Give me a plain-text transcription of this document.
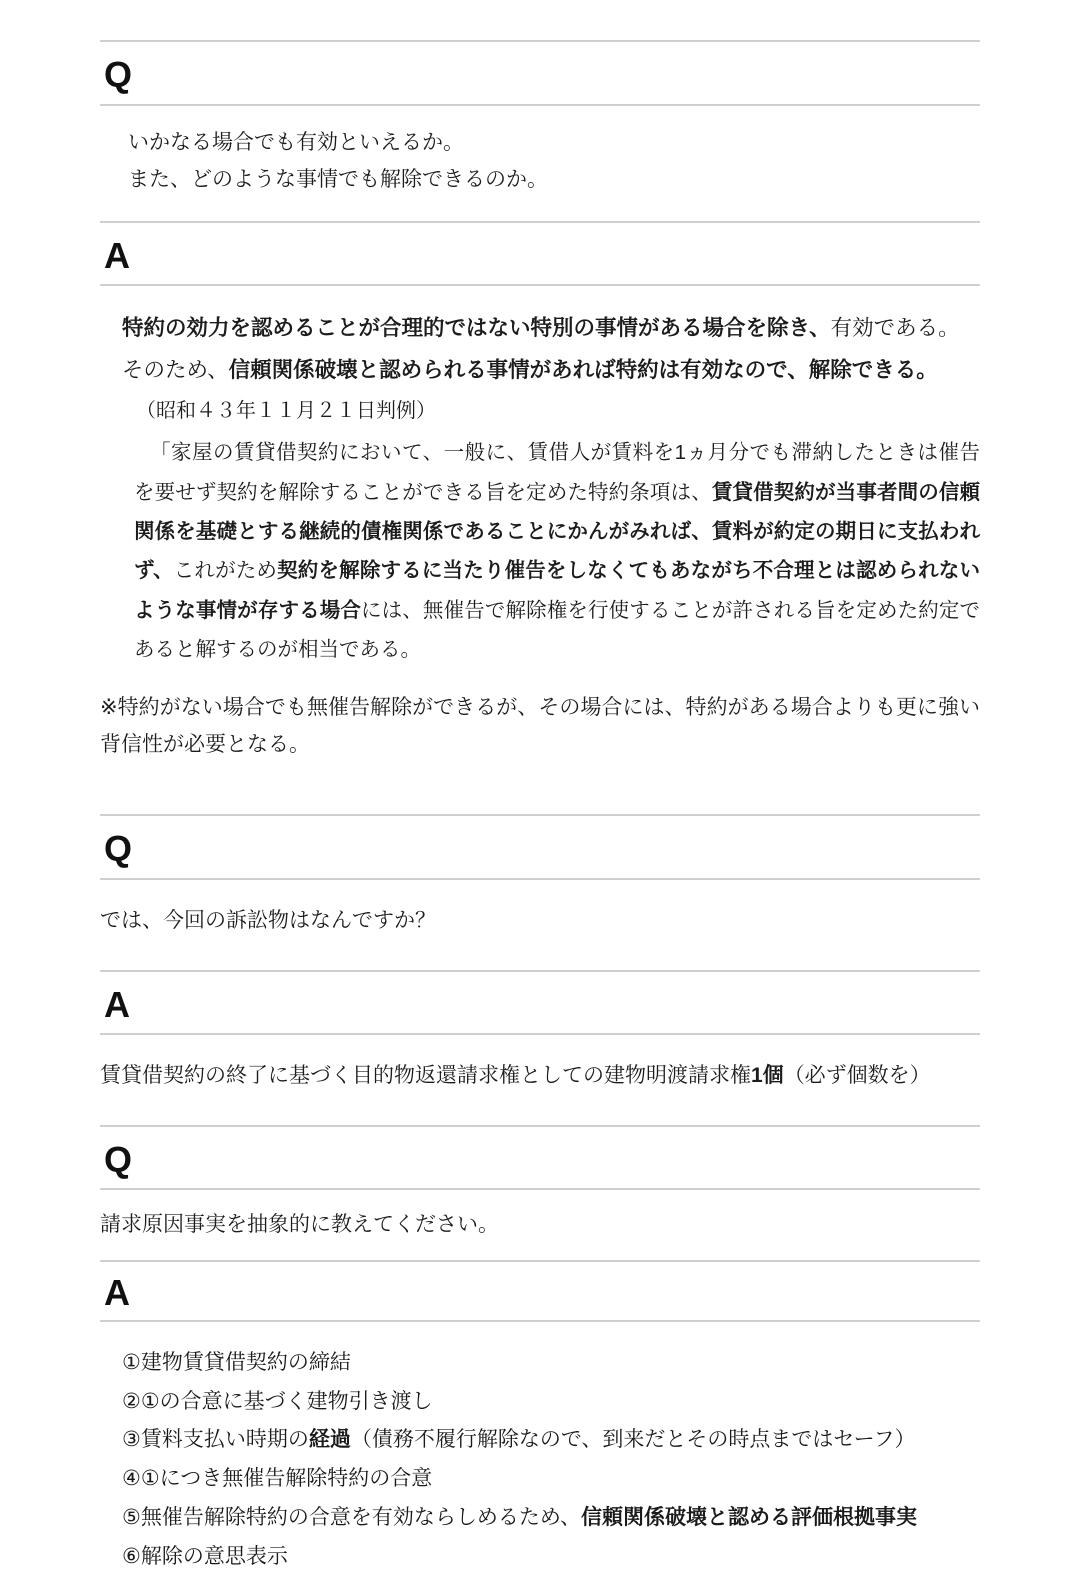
Q
いかなる場合でも有効といえるか。
また、どのような事情でも解除できるのか。
A
特約の効力を認めることが合理的ではない特別の事情がある場合を除き、有効である。
そのため、信頼関係破壊と認められる事情があれば特約は有効なので、解除できる。
（昭和４３年１１月２１日判例）

「家屋の賃貸借契約において、一般に、賃借人が賃料を1ヵ月分でも滞納したときは催告を要せず契約を解除することができる旨を定めた特約条項は、賃貸借契約が当事者間の信頼関係を基礎とする継続的債権関係であることにかんがみれば、賃料が約定の期日に支払われず、これがため契約を解除するに当たり催告をしなくてもあながち不合理とは認められないような事情が存する場合には、無催告で解除権を行使することが許される旨を定めた約定であると解するのが相当である。

※特約がない場合でも無催告解除ができるが、その場合には、特約がある場合よりも更に強い背信性が必要となる。

Q
では、今回の訴訟物はなんですか？
A
賃貸借契約の終了に基づく目的物返還請求権としての建物明渡請求権1個（必ず個数を）
Q
請求原因事実を抽象的に教えてください。
A
①建物賃貸借契約の締結
②①の合意に基づく建物引き渡し
③賃料支払い時期の経過（債務不履行解除なので、到来だとその時点まではセーフ）
④①につき無催告解除特約の合意
⑤無催告解除特約の合意を有効ならしめるため、信頼関係破壊と認める評価根拠事実
⑥解除の意思表示
